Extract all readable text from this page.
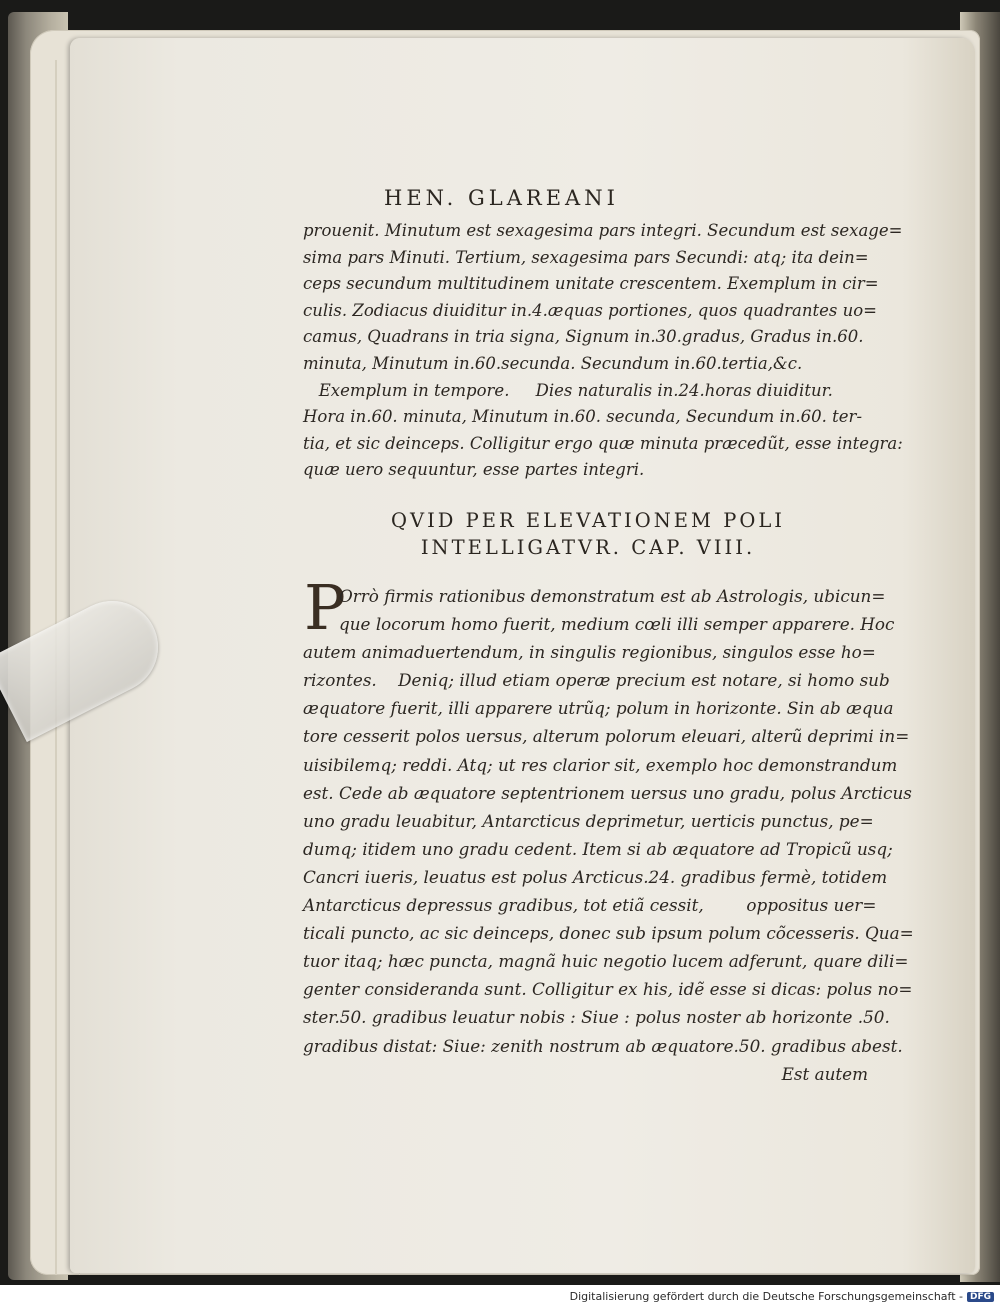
HEN. GLAREANI
prouenit. Minutum est sexagesima pars integri. Secundum est sexage=
sima pars Minuti. Tertium, sexagesima pars Secundi: atq; ita dein=
ceps secundum multitudinem unitate crescentem. Exemplum in cir=
culis. Zodiacus diuiditur in.4.æquas portiones, quos quadrantes uo=
camus, Quadrans in tria signa, Signum in.30.gradus, Gradus in.60.
minuta, Minutum in.60.secunda. Secundum in.60.tertia,&c.
Exemplum in tempore.     Dies naturalis in.24.horas diuiditur.
Hora in.60. minuta, Minutum in.60. secunda, Secundum in.60. ter-
tia, et sic deinceps. Colligitur ergo quæ minuta præcedũt, esse integra:
quæ uero sequuntur, esse partes integri.
QVID PER ELEVATIONEM POLI
INTELLIGATVR. CAP. VIII.
P
Orrò firmis rationibus demonstratum est ab Astrologis, ubicun=
que locorum homo fuerit, medium cœli illi semper apparere. Hoc
autem animaduertendum, in singulis regionibus, singulos esse ho=
rizontes.    Deniq; illud etiam operæ precium est notare, si homo sub
æquatore fuerit, illi apparere utrũq; polum in horizonte. Sin ab æqua
tore cesserit polos uersus, alterum polorum eleuari, alterũ deprimi in=
uisibilemq; reddi. Atq; ut res clarior sit, exemplo hoc demonstrandum
est. Cede ab æquatore septentrionem uersus uno gradu, polus Arcticus
uno gradu leuabitur, Antarcticus deprimetur, uerticis punctus, pe=
dumq; itidem uno gradu cedent. Item si ab æquatore ad Tropicũ usq;
Cancri iueris, leuatus est polus Arcticus.24. gradibus fermè, totidem
Antarcticus depressus gradibus, tot etiã cessit,        oppositus uer=
ticali puncto, ac sic deinceps, donec sub ipsum polum cõcesseris. Qua=
tuor itaq; hæc puncta, magnã huic negotio lucem adferunt, quare dili=
genter consideranda sunt. Colligitur ex his, idẽ esse si dicas: polus no=
ster.50. gradibus leuatur nobis : Siue : polus noster ab horizonte .50.
gradibus distat: Siue: zenith nostrum ab æquatore.50. gradibus abest.
Est autem
Digitalisierung gefördert durch die Deutsche Forschungsgemeinschaft - DFG
